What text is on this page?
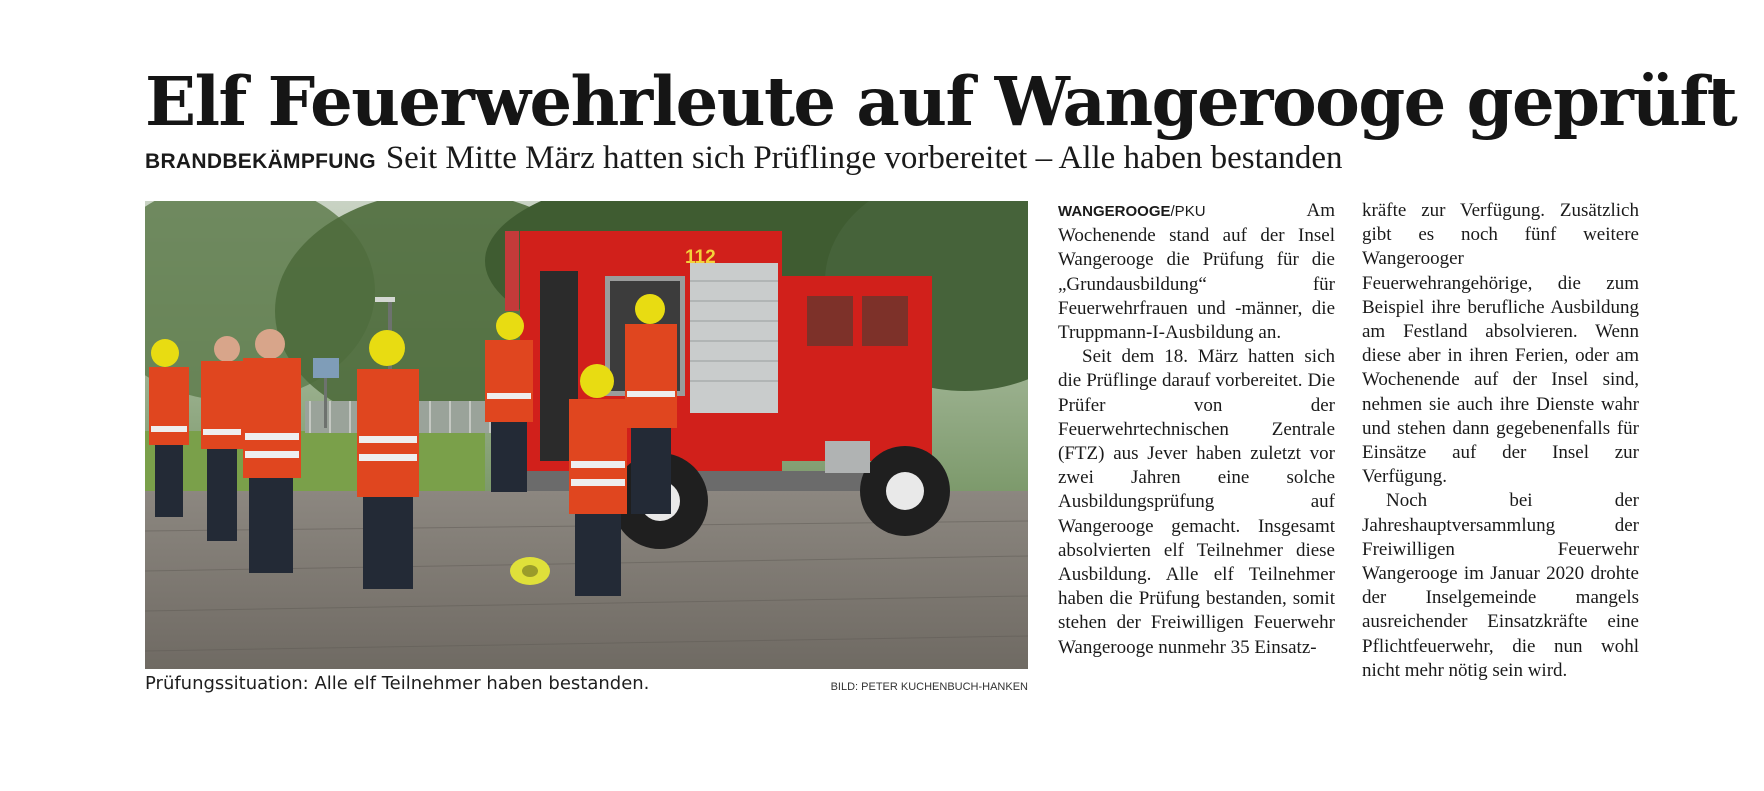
Elf Feuerwehrleute auf Wangerooge geprüft
BRANDBEKÄMPFUNG Seit Mitte März hatten sich Prüflinge vorbereitet – Alle haben bestanden
112
Prüfungssituation: Alle elf Teilnehmer haben bestanden.	BILD: PETER KUCHENBUCH-HANKEN

WANGEROOGE/PKU	Am Wochenende stand auf der Insel Wangerooge die Prüfung für die „Grundausbildung“ für Feuerwehrfrauen und -männer, die Truppmann-I-Ausbildung an.

Seit dem 18. März hatten sich die Prüflinge darauf vorbereitet. Die Prüfer von der Feuerwehrtechnischen Zentrale (FTZ) aus Jever haben zuletzt vor zwei Jahren eine solche Ausbildungsprüfung auf Wangerooge gemacht. Insgesamt absolvierten elf Teilnehmer diese Ausbildung. Alle elf Teilnehmer haben die Prüfung bestanden, somit stehen der Freiwilligen Feuerwehr Wangerooge nunmehr 35 Einsatz-

kräfte zur Verfügung. Zusätzlich gibt es noch fünf weitere Wangerooger Feuerwehrangehörige, die zum Beispiel ihre berufliche Ausbildung am Festland absolvieren. Wenn diese aber in ihren Ferien, oder am Wochenende auf der Insel sind, nehmen sie auch ihre Dienste wahr und stehen dann gegebenenfalls für Einsätze auf der Insel zur Verfügung.

Noch bei der Jahreshauptversammlung der Freiwilligen Feuerwehr Wangerooge im Januar 2020 drohte der Inselgemeinde mangels ausreichender Einsatzkräfte eine Pflichtfeuerwehr, die nun wohl nicht mehr nötig sein wird.
